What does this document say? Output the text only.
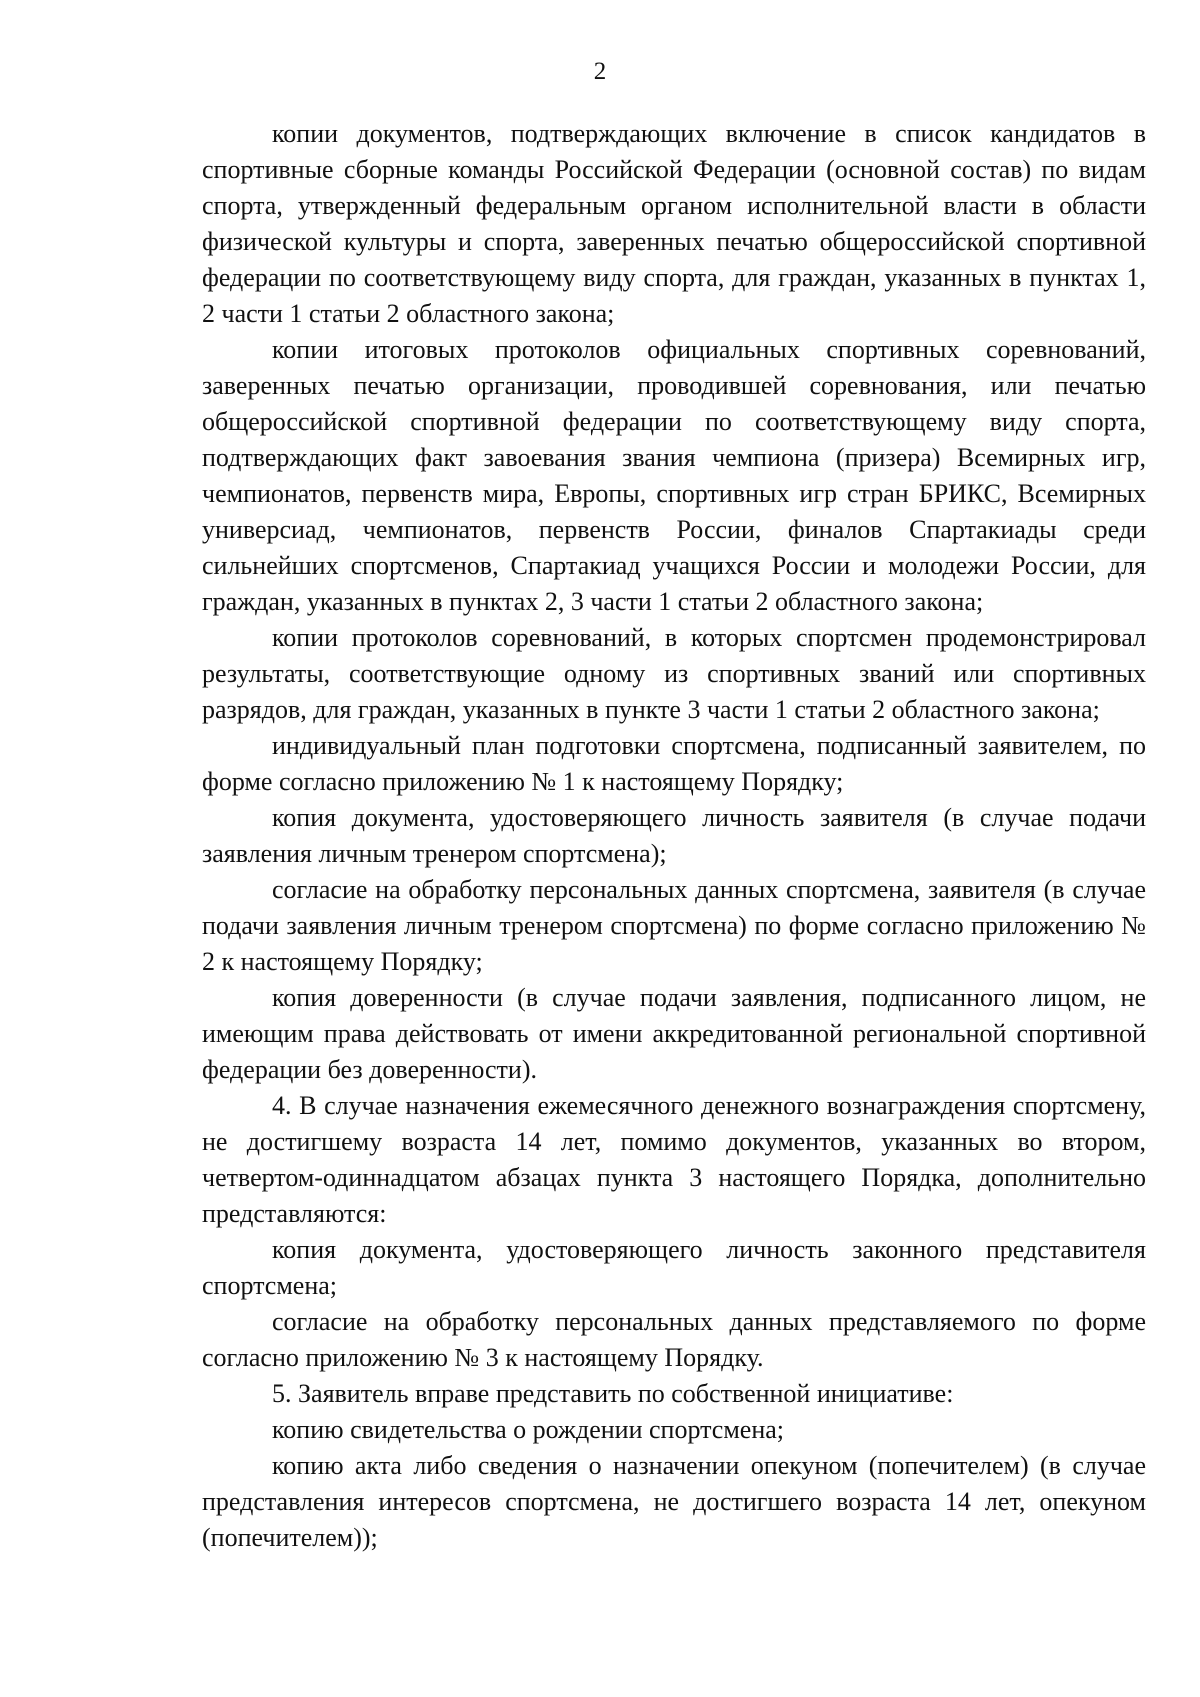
2

копии документов, подтверждающих включение в список кандидатов в спортивные сборные команды Российской Федерации (основной состав) по видам спорта, утвержденный федеральным органом исполнительной власти в области физической культуры и спорта, заверенных печатью общероссийской спортивной федерации по соответствующему виду спорта, для граждан, указанных в пунктах 1, 2 части 1 статьи 2 областного закона;

копии итоговых протоколов официальных спортивных соревнований, заверенных печатью организации, проводившей соревнования, или печатью общероссийской спортивной федерации по соответствующему виду спорта, подтверждающих факт завоевания звания чемпиона (призера) Всемирных игр, чемпионатов, первенств мира, Европы, спортивных игр стран БРИКС, Всемирных универсиад, чемпионатов, первенств России, финалов Спартакиады среди сильнейших спортсменов, Спартакиад учащихся России и молодежи России, для граждан, указанных в пунктах 2, 3 части 1 статьи 2 областного закона;

копии протоколов соревнований, в которых спортсмен продемонстрировал результаты, соответствующие одному из спортивных званий или спортивных разрядов, для граждан, указанных в пункте 3 части 1 статьи 2 областного закона;

индивидуальный план подготовки спортсмена, подписанный заявителем, по форме согласно приложению № 1 к настоящему Порядку;

копия документа, удостоверяющего личность заявителя (в случае подачи заявления личным тренером спортсмена);

согласие на обработку персональных данных спортсмена, заявителя (в случае подачи заявления личным тренером спортсмена) по форме согласно приложению № 2 к настоящему Порядку;

копия доверенности (в случае подачи заявления, подписанного лицом, не имеющим права действовать от имени аккредитованной региональной спортивной федерации без доверенности).

4. В случае назначения ежемесячного денежного вознаграждения спортсмену, не достигшему возраста 14 лет, помимо документов, указанных во втором, четвертом-одиннадцатом абзацах пункта 3 настоящего Порядка, дополнительно представляются:

копия документа, удостоверяющего личность законного представителя спортсмена;

согласие на обработку персональных данных представляемого по форме согласно приложению № 3 к настоящему Порядку.

5. Заявитель вправе представить по собственной инициативе:

копию свидетельства о рождении спортсмена;

копию акта либо сведения о назначении опекуном (попечителем) (в случае представления интересов спортсмена, не достигшего возраста 14 лет, опекуном (попечителем));
